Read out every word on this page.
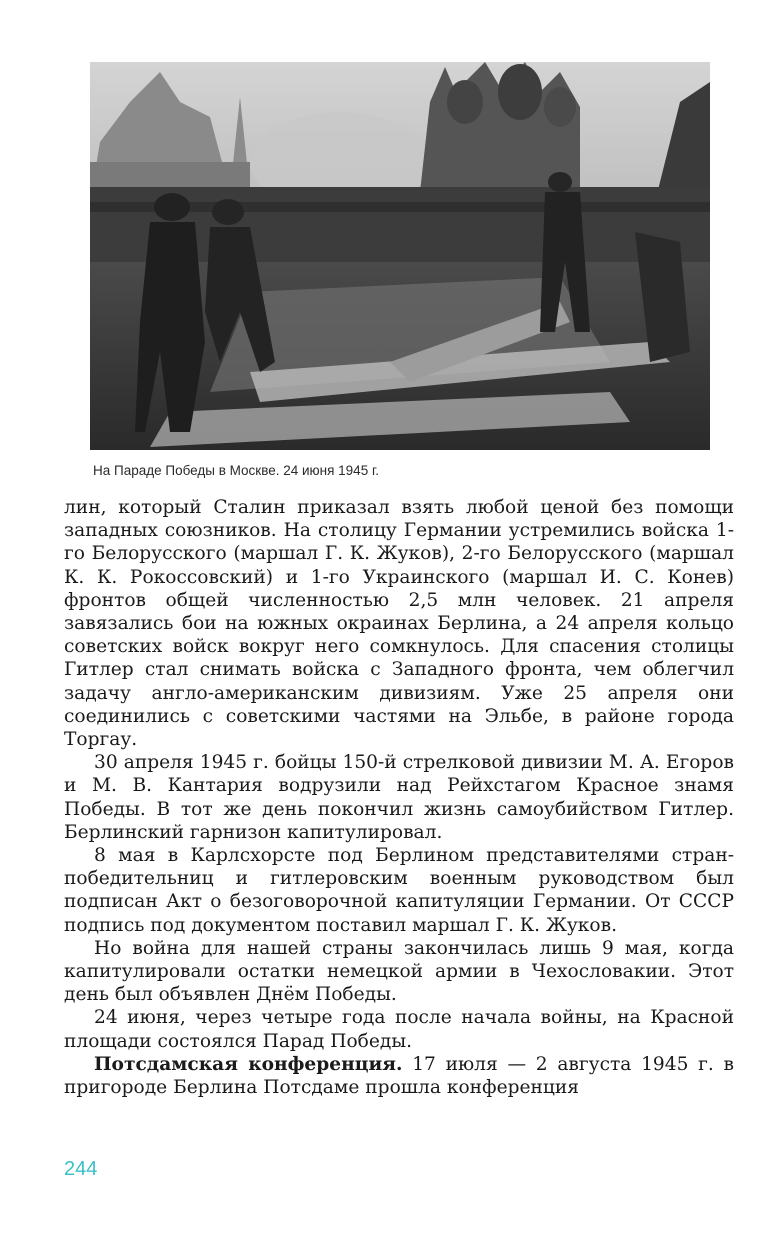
На Параде Победы в Москве. 24 июня 1945 г.

лин, который Сталин приказал взять любой ценой без помощи западных союзников. На столицу Германии устремились войска 1-го Белорусского (маршал Г. К. Жуков), 2-го Белорусского (маршал К. К. Рокоссовский) и 1-го Украинского (маршал И. С. Конев) фронтов общей численностью 2,5 млн человек. 21 апреля завязались бои на южных окраинах Берлина, а 24 апреля кольцо советских войск вокруг него сомкнулось. Для спасения столицы Гитлер стал снимать войска с Западного фронта, чем облегчил задачу англо-американским дивизиям. Уже 25 апреля они соединились с советскими частями на Эльбе, в районе города Торгау.

30 апреля 1945 г. бойцы 150-й стрелковой дивизии М. А. Егоров и М. В. Кантария водрузили над Рейхстагом Красное знамя Победы. В тот же день покончил жизнь самоубийством Гитлер. Берлинский гарнизон капитулировал.

8 мая в Карлсхорсте под Берлином представителями стран-победительниц и гитлеровским военным руководством был подписан Акт о безоговорочной капитуляции Германии. От СССР подпись под документом поставил маршал Г. К. Жуков.

Но война для нашей страны закончилась лишь 9 мая, когда капитулировали остатки немецкой армии в Чехословакии. Этот день был объявлен Днём Победы.

24 июня, через четыре года после начала войны, на Красной площади состоялся Парад Победы.

Потсдамская конференция. 17 июля — 2 августа 1945 г. в пригороде Берлина Потсдаме прошла конференция

244
